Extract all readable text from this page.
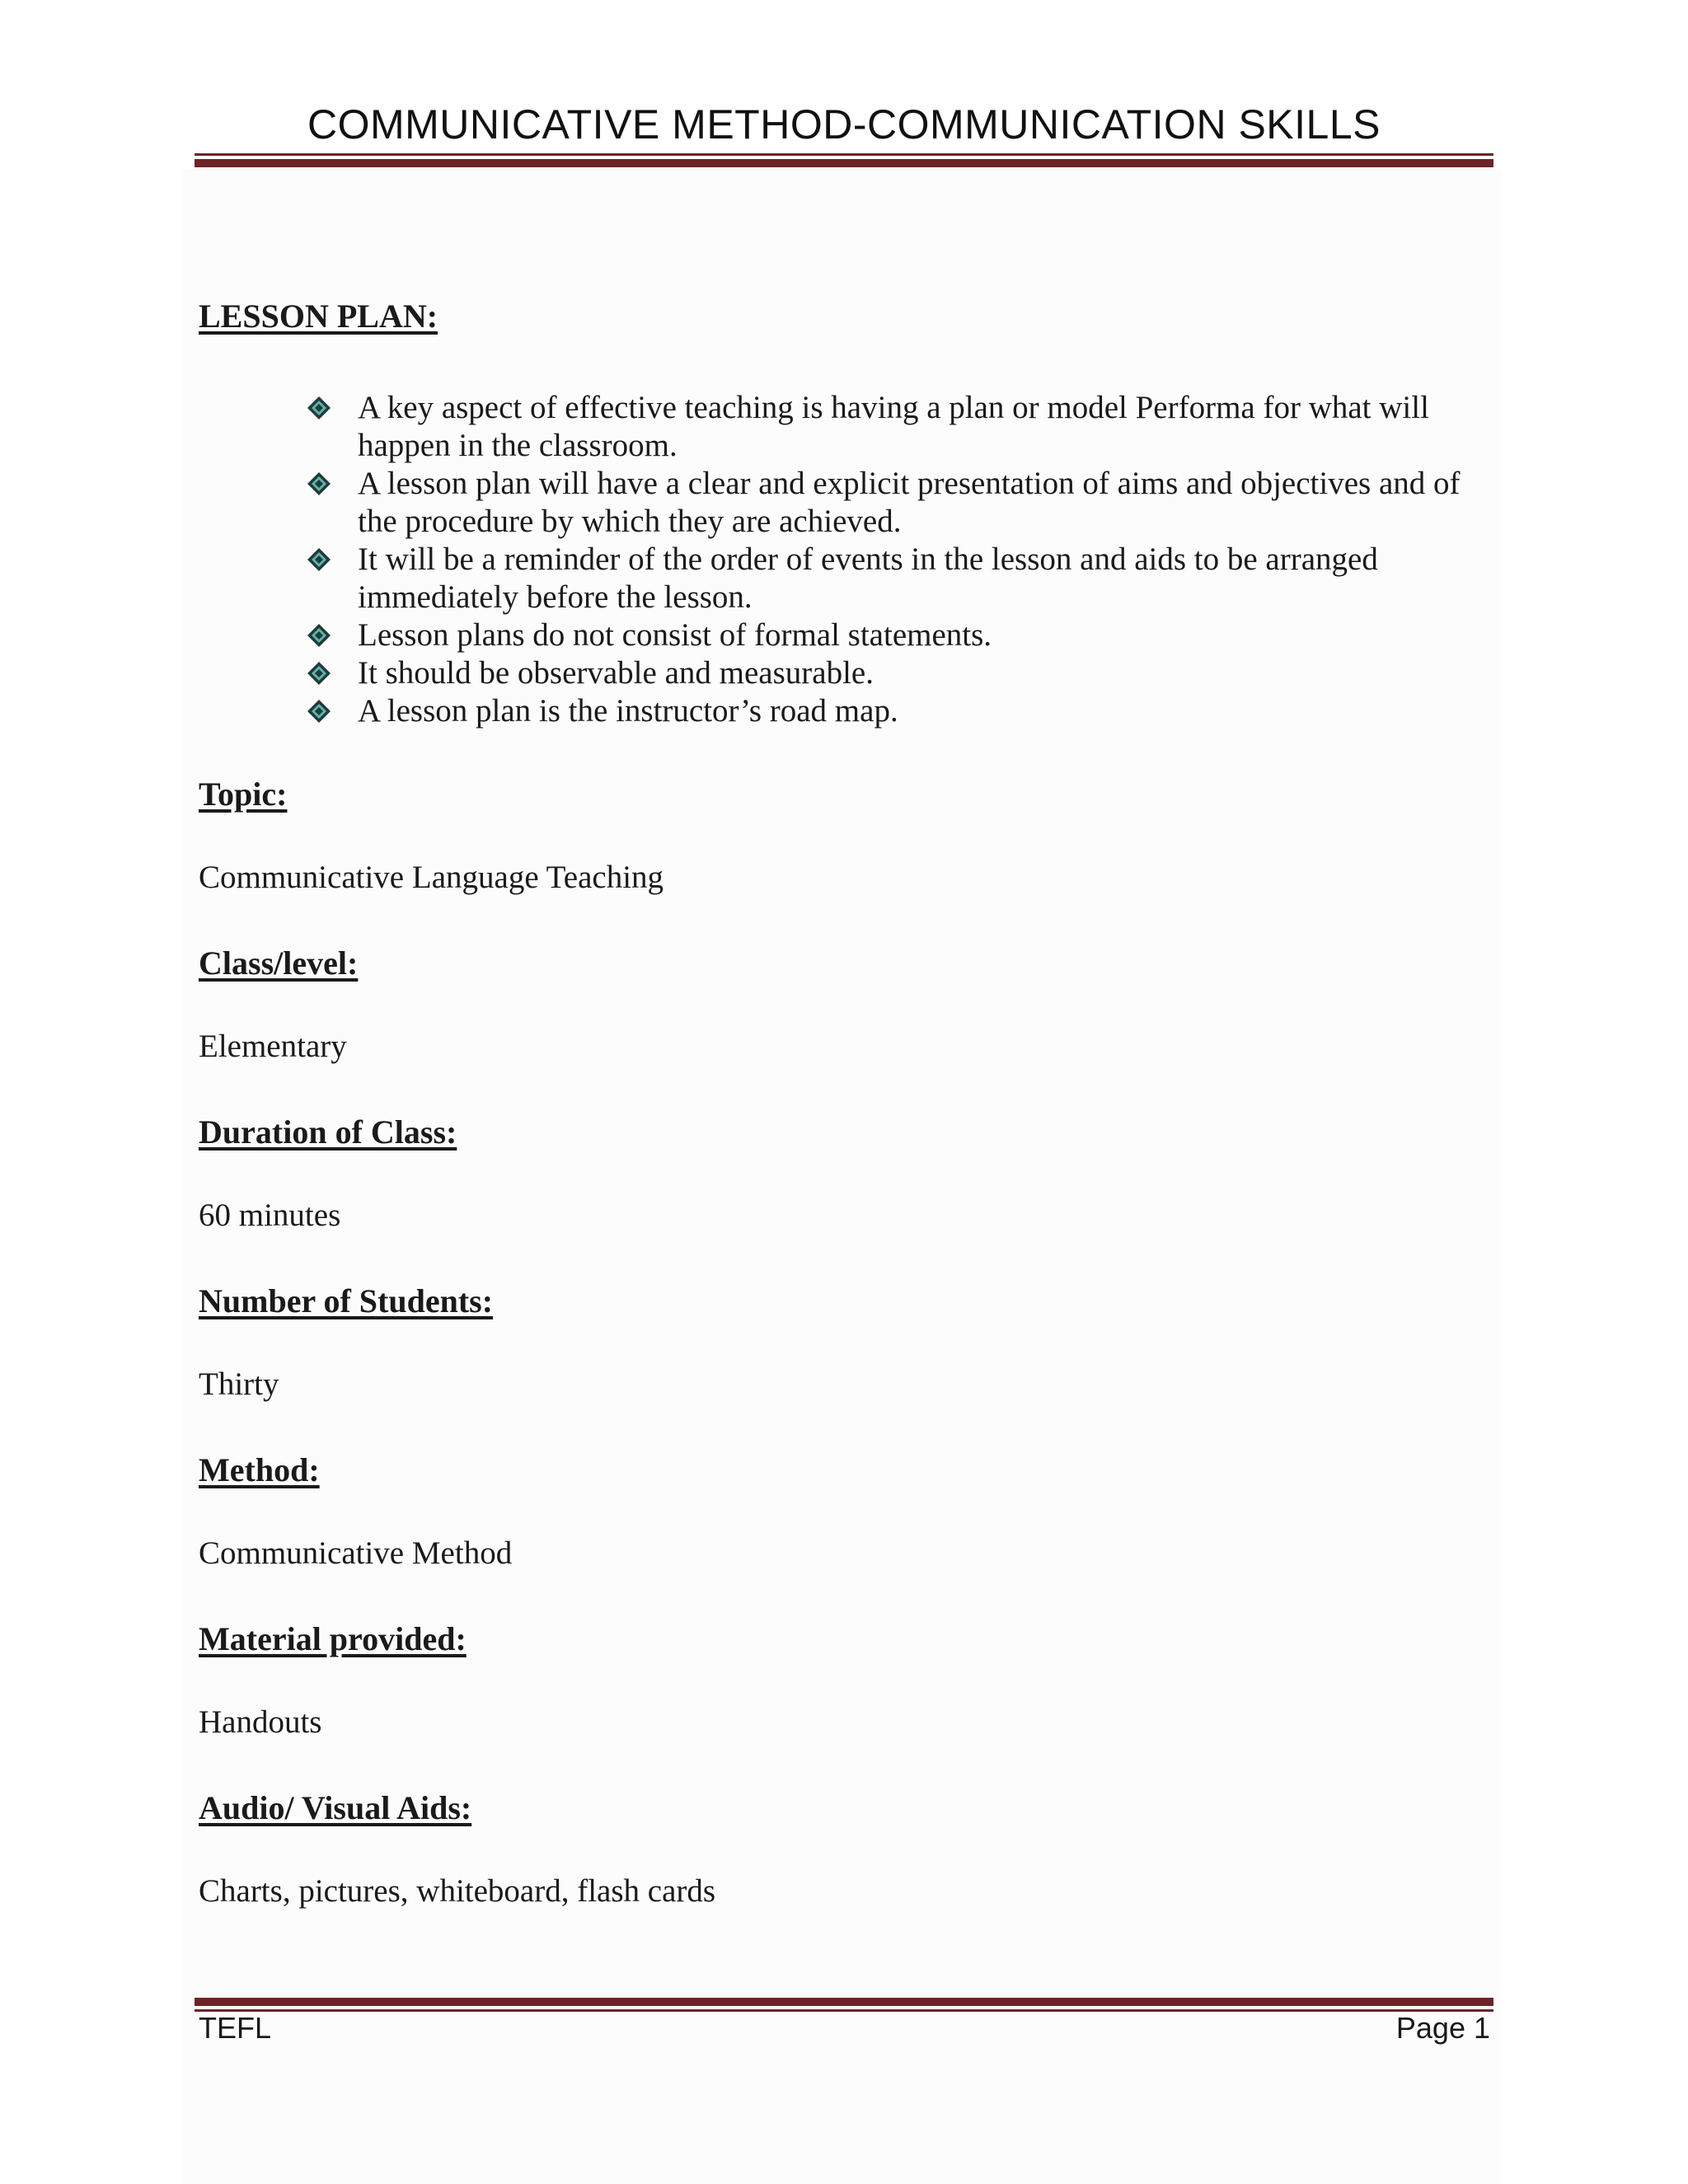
COMMUNICATIVE METHOD-COMMUNICATION SKILLS
LESSON PLAN:
A key aspect of effective teaching is having a plan or model Performa for what will happen in the classroom.
A lesson plan will have a clear and explicit presentation of aims and objectives and of the procedure by which they are achieved.
It will be a reminder of the order of events in the lesson and aids to be arranged immediately before the lesson.
Lesson plans do not consist of formal statements.
It should be observable and measurable.
A lesson plan is the instructor’s road map.
Topic:
Communicative Language Teaching
Class/level:
Elementary
Duration of Class:
60 minutes
Number of Students:
Thirty
Method:
Communicative Method
Material provided:
Handouts
Audio/ Visual Aids:
Charts, pictures, whiteboard, flash cards
TEFL	Page 1
